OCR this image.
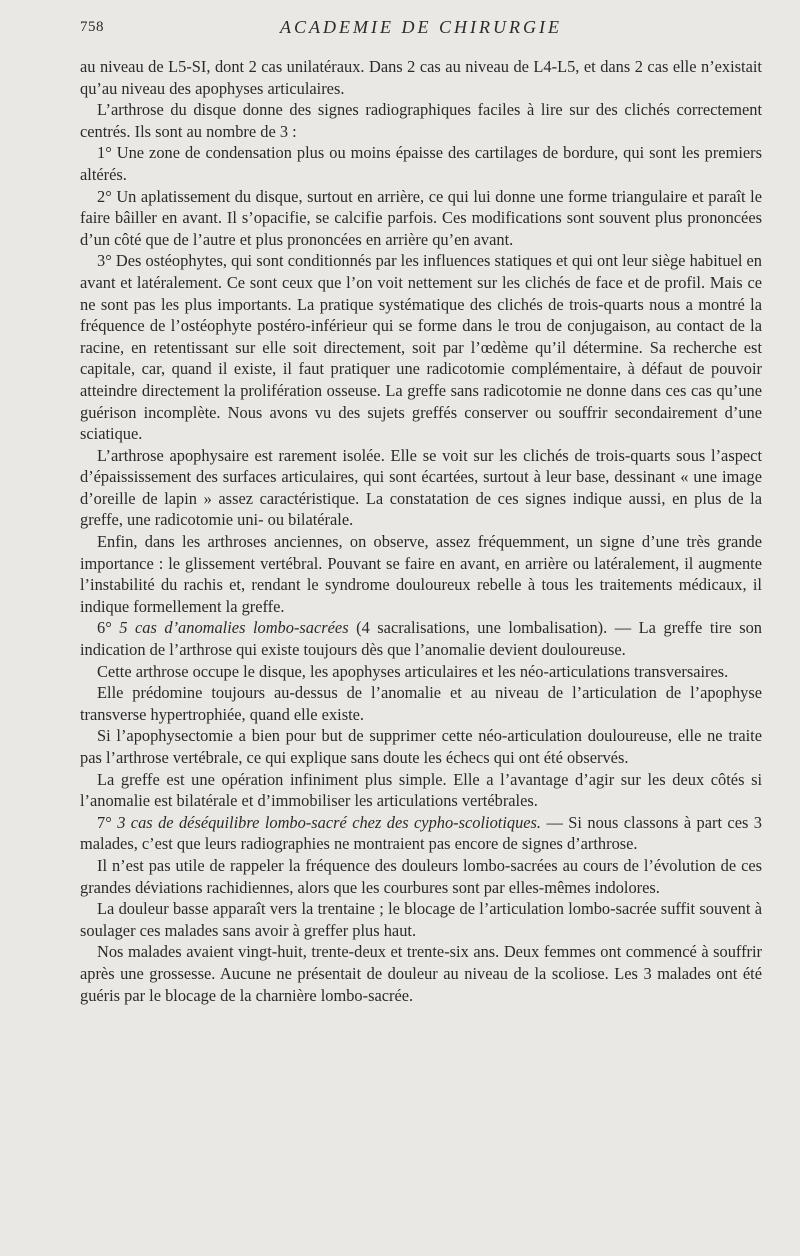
758	ACADEMIE DE CHIRURGIE

au niveau de L5-SI, dont 2 cas unilatéraux. Dans 2 cas au niveau de L4-L5, et dans 2 cas elle n’existait qu’au niveau des apophyses articulaires.

L’arthrose du disque donne des signes radiographiques faciles à lire sur des clichés correctement centrés. Ils sont au nombre de 3 :

1° Une zone de condensation plus ou moins épaisse des cartilages de bordure, qui sont les premiers altérés.

2° Un aplatissement du disque, surtout en arrière, ce qui lui donne une forme triangulaire et paraît le faire bâiller en avant. Il s’opacifie, se calcifie parfois. Ces modifications sont souvent plus prononcées d’un côté que de l’autre et plus prononcées en arrière qu’en avant.

3° Des ostéophytes, qui sont conditionnés par les influences statiques et qui ont leur siège habituel en avant et latéralement. Ce sont ceux que l’on voit nettement sur les clichés de face et de profil. Mais ce ne sont pas les plus importants. La pratique systématique des clichés de trois-quarts nous a montré la fréquence de l’ostéophyte postéro-inférieur qui se forme dans le trou de conjugaison, au contact de la racine, en retentissant sur elle soit directement, soit par l’œdème qu’il détermine. Sa recherche est capitale, car, quand il existe, il faut pratiquer une radicotomie complémentaire, à défaut de pouvoir atteindre directement la prolifération osseuse. La greffe sans radicotomie ne donne dans ces cas qu’une guérison incomplète. Nous avons vu des sujets greffés conserver ou souffrir secondairement d’une sciatique.

L’arthrose apophysaire est rarement isolée. Elle se voit sur les clichés de trois-quarts sous l’aspect d’épaississement des surfaces articulaires, qui sont écartées, surtout à leur base, dessinant « une image d’oreille de lapin » assez caractéristique. La constatation de ces signes indique aussi, en plus de la greffe, une radicotomie uni- ou bilatérale.

Enfin, dans les arthroses anciennes, on observe, assez fréquemment, un signe d’une très grande importance : le glissement vertébral. Pouvant se faire en avant, en arrière ou latéralement, il augmente l’instabilité du rachis et, rendant le syndrome douloureux rebelle à tous les traitements médicaux, il indique formellement la greffe.

6° 5 cas d’anomalies lombo-sacrées (4 sacralisations, une lombalisation). — La greffe tire son indication de l’arthrose qui existe toujours dès que l’anomalie devient douloureuse.

Cette arthrose occupe le disque, les apophyses articulaires et les néo-articulations transversaires.

Elle prédomine toujours au-dessus de l’anomalie et au niveau de l’articulation de l’apophyse transverse hypertrophiée, quand elle existe.

Si l’apophysectomie a bien pour but de supprimer cette néo-articulation douloureuse, elle ne traite pas l’arthrose vertébrale, ce qui explique sans doute les échecs qui ont été observés.

La greffe est une opération infiniment plus simple. Elle a l’avantage d’agir sur les deux côtés si l’anomalie est bilatérale et d’immobiliser les articulations vertébrales.

7° 3 cas de déséquilibre lombo-sacré chez des cypho-scoliotiques. — Si nous classons à part ces 3 malades, c’est que leurs radiographies ne montraient pas encore de signes d’arthrose.

Il n’est pas utile de rappeler la fréquence des douleurs lombo-sacrées au cours de l’évolution de ces grandes déviations rachidiennes, alors que les courbures sont par elles-mêmes indolores.

La douleur basse apparaît vers la trentaine ; le blocage de l’articulation lombo-sacrée suffit souvent à soulager ces malades sans avoir à greffer plus haut.

Nos malades avaient vingt-huit, trente-deux et trente-six ans. Deux femmes ont commencé à souffrir après une grossesse. Aucune ne présentait de douleur au niveau de la scoliose. Les 3 malades ont été guéris par le blocage de la charnière lombo-sacrée.
